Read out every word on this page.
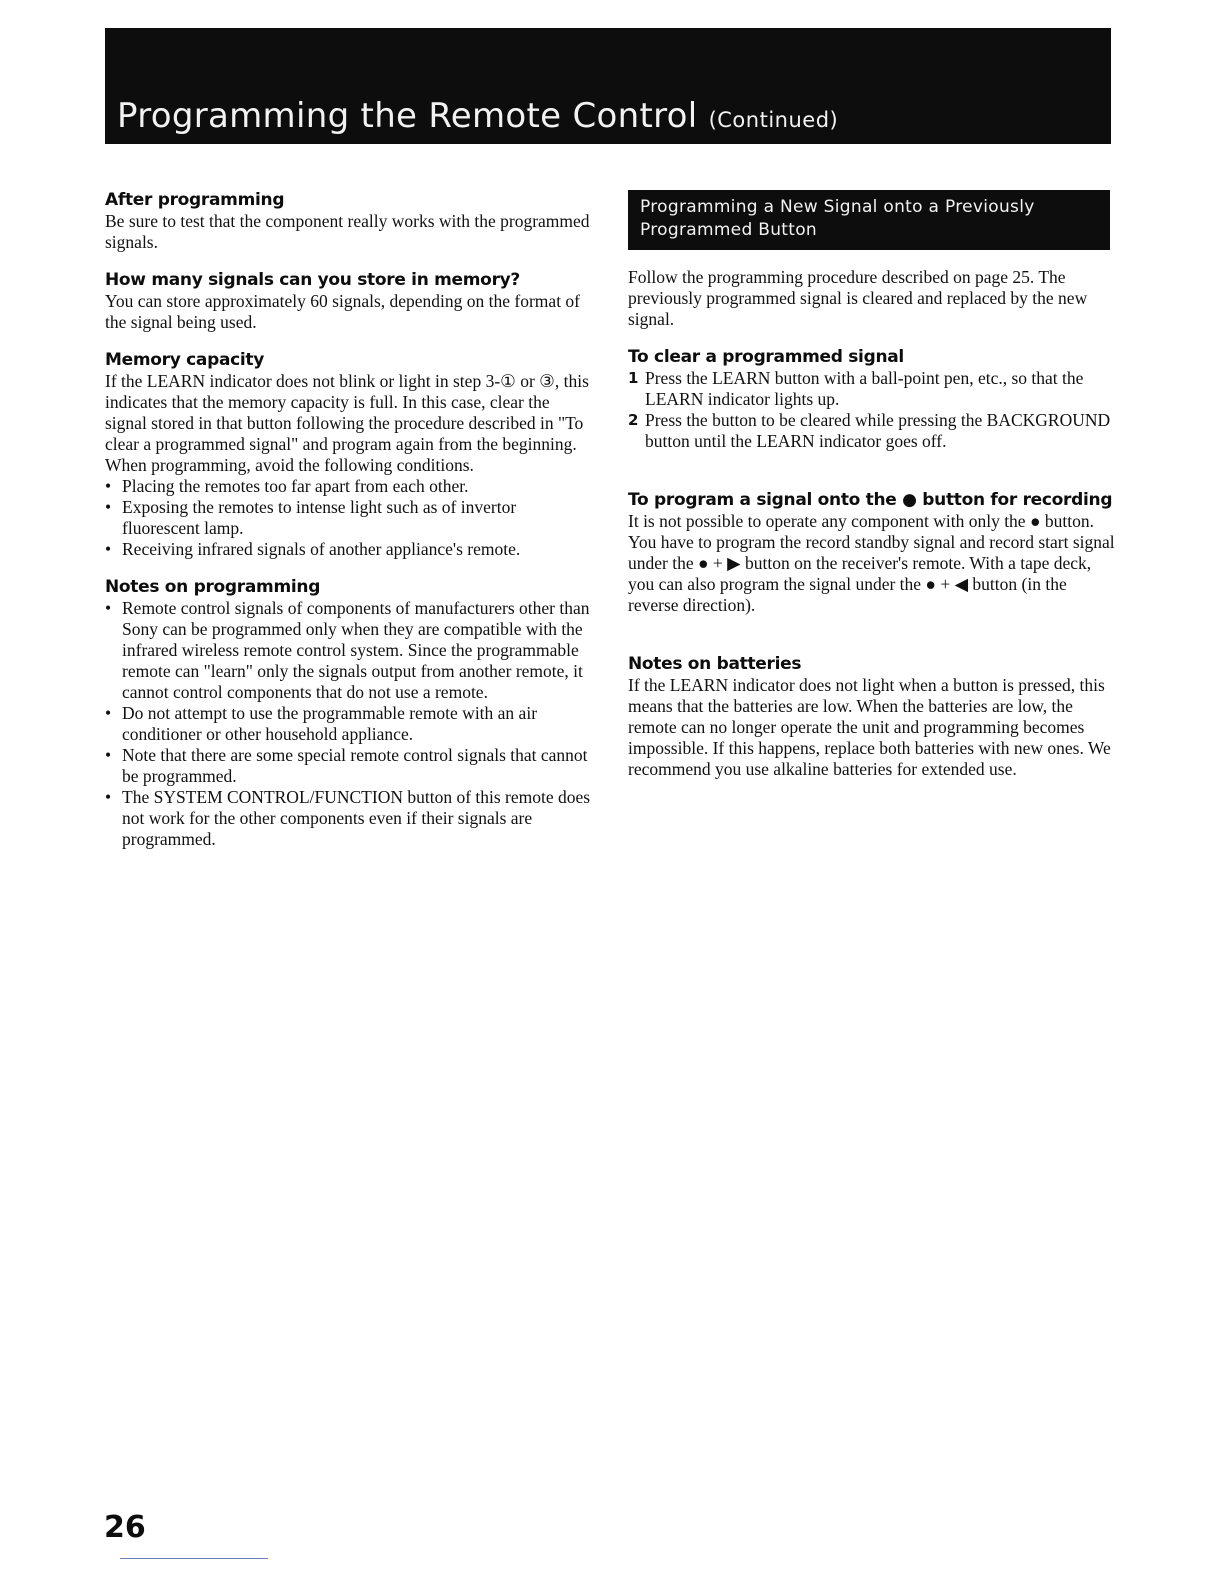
Programming the Remote Control (Continued)

After programming

Be sure to test that the component really works with the programmed signals.

How many signals can you store in memory?

You can store approximately 60 signals, depending on the format of the signal being used.

Memory capacity

If the LEARN indicator does not blink or light in step 3-① or ③, this indicates that the memory capacity is full. In this case, clear the signal stored in that button following the procedure described in "To clear a programmed signal" and program again from the beginning. When programming, avoid the following conditions.

• Placing the remotes too far apart from each other.
• Exposing the remotes to intense light such as of invertor fluorescent lamp.
• Receiving infrared signals of another appliance's remote.

Notes on programming

• Remote control signals of components of manufacturers other than Sony can be programmed only when they are compatible with the infrared wireless remote control system. Since the programmable remote can "learn" only the signals output from another remote, it cannot control components that do not use a remote.
• Do not attempt to use the programmable remote with an air conditioner or other household appliance.
• Note that there are some special remote control signals that cannot be programmed.
• The SYSTEM CONTROL/FUNCTION button of this remote does not work for the other components even if their signals are programmed.
Programming a New Signal onto a Previously Programmed Button

Follow the programming procedure described on page 25. The previously programmed signal is cleared and replaced by the new signal.

To clear a programmed signal

1 Press the LEARN button with a ball-point pen, etc., so that the LEARN indicator lights up.
2 Press the button to be cleared while pressing the BACKGROUND button until the LEARN indicator goes off.

To program a signal onto the ● button for recording

It is not possible to operate any component with only the ● button. You have to program the record standby signal and record start signal under the ● + ▶ button on the receiver's remote. With a tape deck, you can also program the signal under the ● + ◀ button (in the reverse direction).

Notes on batteries

If the LEARN indicator does not light when a button is pressed, this means that the batteries are low. When the batteries are low, the remote can no longer operate the unit and programming becomes impossible. If this happens, replace both batteries with new ones. We recommend you use alkaline batteries for extended use.

26
